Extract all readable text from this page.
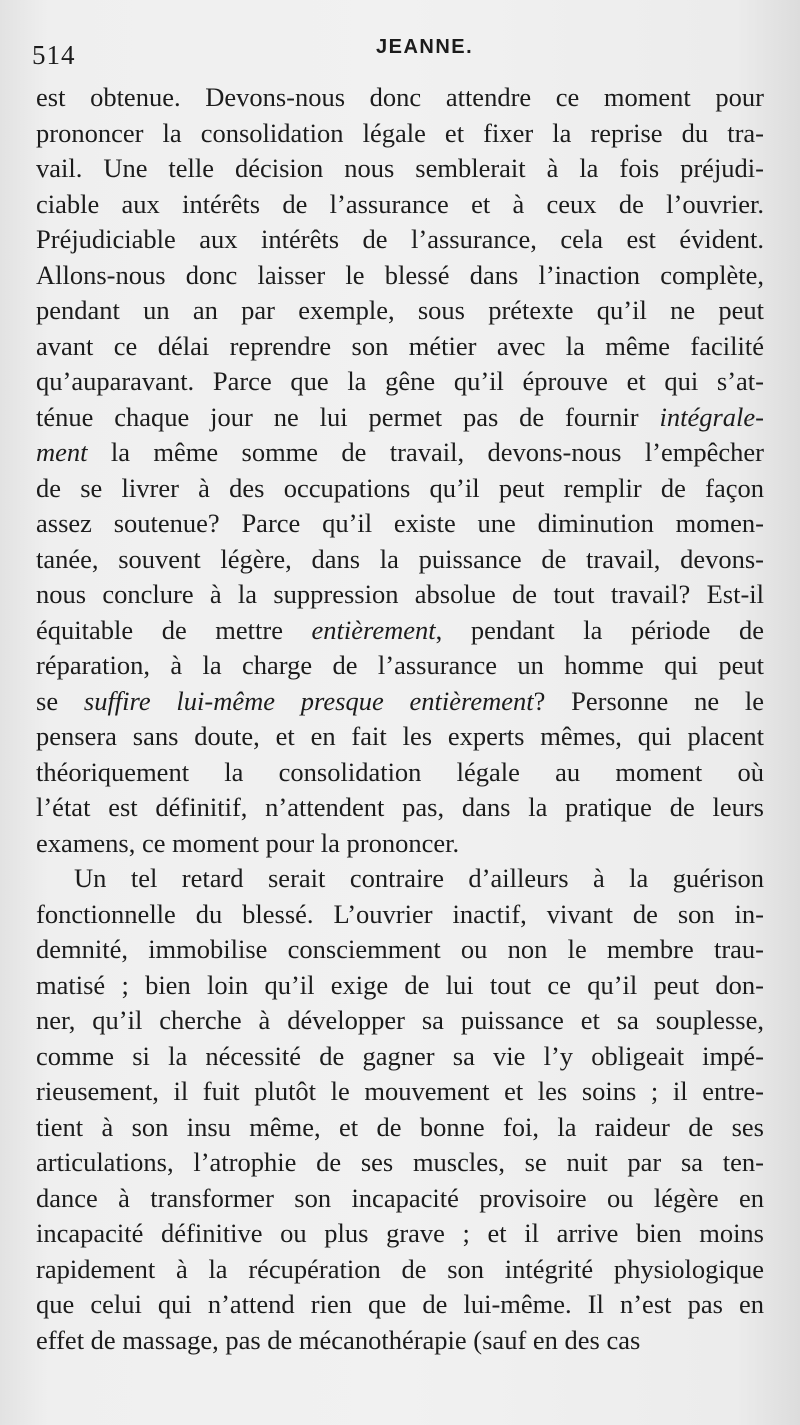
514	JEANNE.
est obtenue. Devons-nous donc attendre ce moment pour
prononcer la consolidation légale et fixer la reprise du tra-
vail. Une telle décision nous semblerait à la fois préjudi-
ciable aux intérêts de l’assurance et à ceux de l’ouvrier.
Préjudiciable aux intérêts de l’assurance, cela est évident.
Allons-nous donc laisser le blessé dans l’inaction complète,
pendant un an par exemple, sous prétexte qu’il ne peut
avant ce délai reprendre son métier avec la même facilité
qu’auparavant. Parce que la gêne qu’il éprouve et qui s’at-
ténue chaque jour ne lui permet pas de fournir intégrale-
ment la même somme de travail, devons-nous l’empêcher
de se livrer à des occupations qu’il peut remplir de façon
assez soutenue? Parce qu’il existe une diminution momen-
tanée, souvent légère, dans la puissance de travail, devons-
nous conclure à la suppression absolue de tout travail? Est-il
équitable de mettre entièrement, pendant la période de
réparation, à la charge de l’assurance un homme qui peut
se suffire lui-même presque entièrement? Personne ne le
pensera sans doute, et en fait les experts mêmes, qui placent
théoriquement la consolidation légale au moment où
l’état est définitif, n’attendent pas, dans la pratique de leurs
examens, ce moment pour la prononcer.
Un tel retard serait contraire d’ailleurs à la guérison
fonctionnelle du blessé. L’ouvrier inactif, vivant de son in-
demnité, immobilise consciemment ou non le membre trau-
matisé ; bien loin qu’il exige de lui tout ce qu’il peut don-
ner, qu’il cherche à développer sa puissance et sa souplesse,
comme si la nécessité de gagner sa vie l’y obligeait impé-
rieusement, il fuit plutôt le mouvement et les soins ; il entre-
tient à son insu même, et de bonne foi, la raideur de ses
articulations, l’atrophie de ses muscles, se nuit par sa ten-
dance à transformer son incapacité provisoire ou légère en
incapacité définitive ou plus grave ; et il arrive bien moins
rapidement à la récupération de son intégrité physiologique
que celui qui n’attend rien que de lui-même. Il n’est pas en
effet de massage, pas de mécanothérapie (sauf en des cas
